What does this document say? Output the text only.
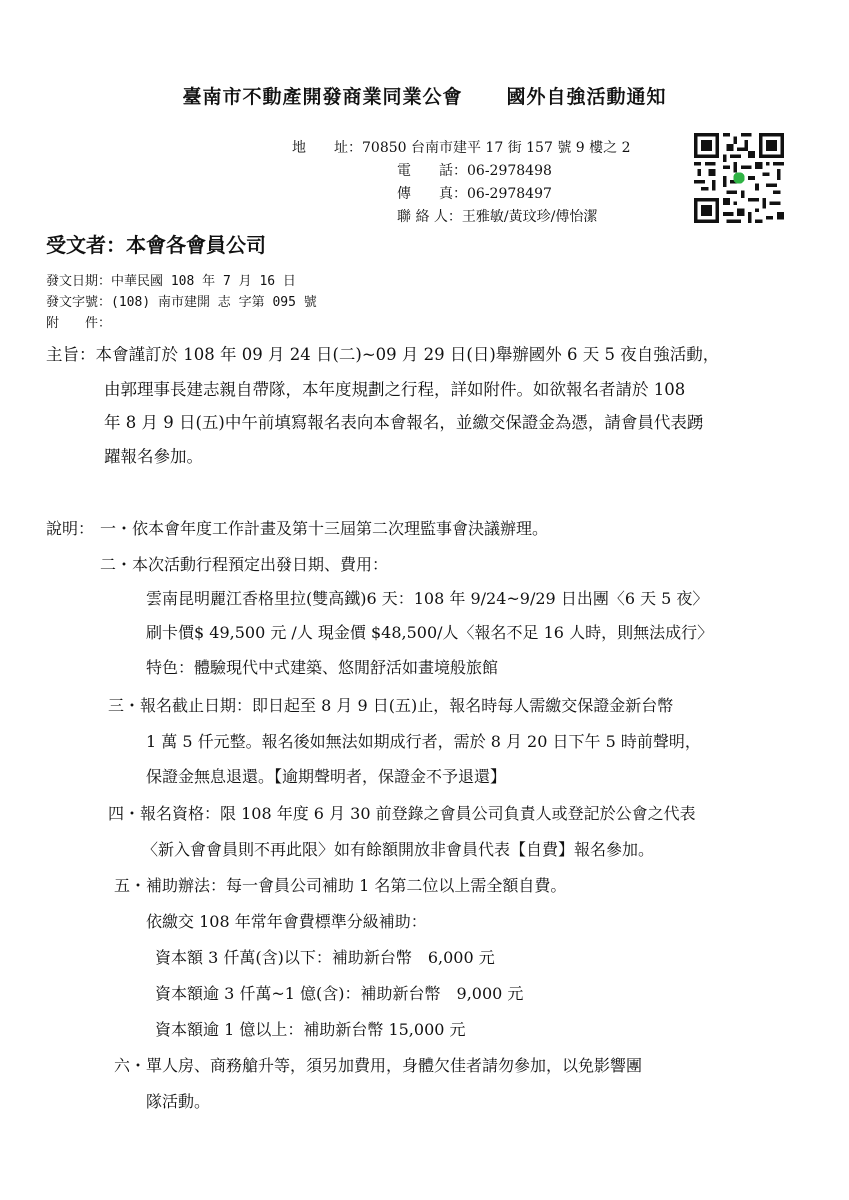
臺南市不動產開發商業同業公會 國外自強活動通知
地　　址：70850 台南市建平 17 街 157 號 9 樓之 2
電　　話：06-2978498
傳　　真：06-2978497
聯 絡 人：王雅敏/黃玟珍/傅怡潔
受文者：本會各會員公司
發文日期：中華民國 108 年 7 月 16 日
發文字號：(108) 南市建開 志 字第 095 號
附　　件：
主旨：本會謹訂於 108 年 09 月 24 日(二)~09 月 29 日(日)舉辦國外 6 天 5 夜自強活動，
由郭理事長建志親自帶隊，本年度規劃之行程，詳如附件。如欲報名者請於 108
年 8 月 9 日(五)中午前填寫報名表向本會報名，並繳交保證金為憑，請會員代表踴
躍報名參加。
說明： 一・依本會年度工作計畫及第十三屆第二次理監事會決議辦理。
二・本次活動行程預定出發日期、費用：
雲南昆明麗江香格里拉(雙高鐵)6 天：108 年 9/24~9/29 日出團〈6 天 5 夜〉
刷卡價$ 49,500 元 /人 現金價 $48,500/人〈報名不足 16 人時，則無法成行〉
特色：體驗現代中式建築、悠閒舒活如畫境般旅館
三・報名截止日期：即日起至 8 月 9 日(五)止，報名時每人需繳交保證金新台幣
1 萬 5 仟元整。報名後如無法如期成行者，需於 8 月 20 日下午 5 時前聲明，
保證金無息退還。【逾期聲明者，保證金不予退還】
四・報名資格：限 108 年度 6 月 30 前登錄之會員公司負責人或登記於公會之代表
〈新入會會員則不再此限〉如有餘額開放非會員代表【自費】報名參加。
五・補助辦法：每一會員公司補助 1 名第二位以上需全額自費。
依繳交 108 年常年會費標準分級補助：
資本額 3 仟萬(含)以下：補助新台幣　6,000 元
資本額逾 3 仟萬~1 億(含)：補助新台幣　9,000 元
資本額逾 1 億以上：補助新台幣 15,000 元
六・單人房、商務艙升等，須另加費用，身體欠佳者請勿參加，以免影響團
隊活動。
